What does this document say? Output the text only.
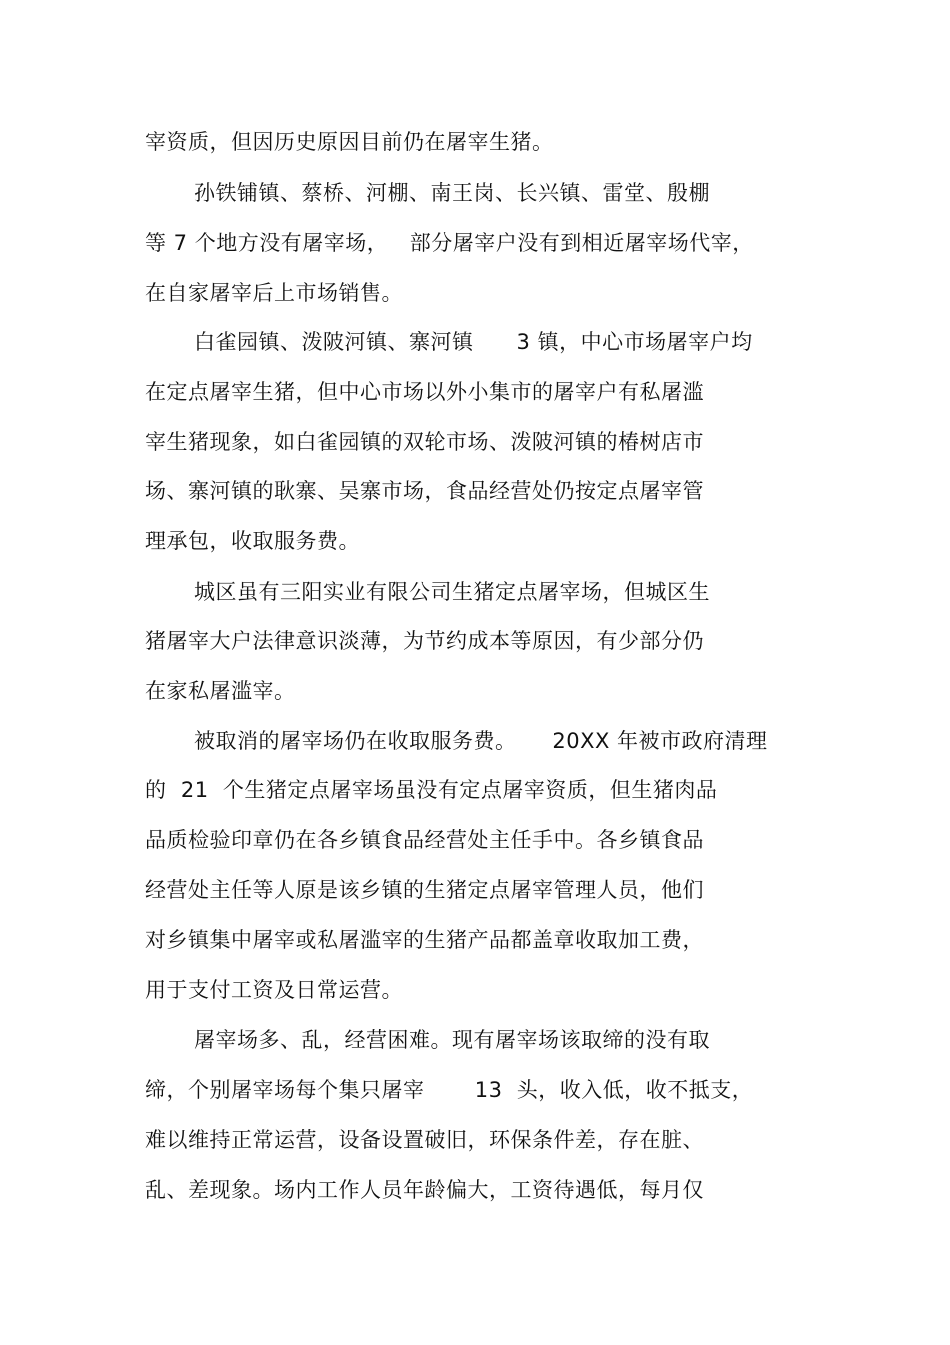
宰资质，但因历史原因目前仍在屠宰生猪。

孙铁铺镇、蔡桥、河棚、南王岗、长兴镇、雷堂、殷棚

等 7 个地方没有屠宰场，   部分屠宰户没有到相近屠宰场代宰，

在自家屠宰后上市场销售。

白雀园镇、泼陂河镇、寨河镇      3 镇，中心市场屠宰户均

在定点屠宰生猪，但中心市场以外小集市的屠宰户有私屠滥

宰生猪现象，如白雀园镇的双轮市场、泼陂河镇的椿树店市

场、寨河镇的耿寨、吴寨市场，食品经营处仍按定点屠宰管

理承包，收取服务费。

城区虽有三阳实业有限公司生猪定点屠宰场，但城区生

猪屠宰大户法律意识淡薄，为节约成本等原因，有少部分仍

在家私屠滥宰。

被取消的屠宰场仍在收取服务费。     20XX 年被市政府清理

的  21  个生猪定点屠宰场虽没有定点屠宰资质，但生猪肉品

品质检验印章仍在各乡镇食品经营处主任手中。各乡镇食品

经营处主任等人原是该乡镇的生猪定点屠宰管理人员，他们

对乡镇集中屠宰或私屠滥宰的生猪产品都盖章收取加工费，

用于支付工资及日常运营。

屠宰场多、乱，经营困难。现有屠宰场该取缔的没有取

缔，个别屠宰场每个集只屠宰       13  头，收入低，收不抵支，

难以维持正常运营，设备设置破旧，环保条件差，存在脏、

乱、差现象。场内工作人员年龄偏大，工资待遇低，每月仅
